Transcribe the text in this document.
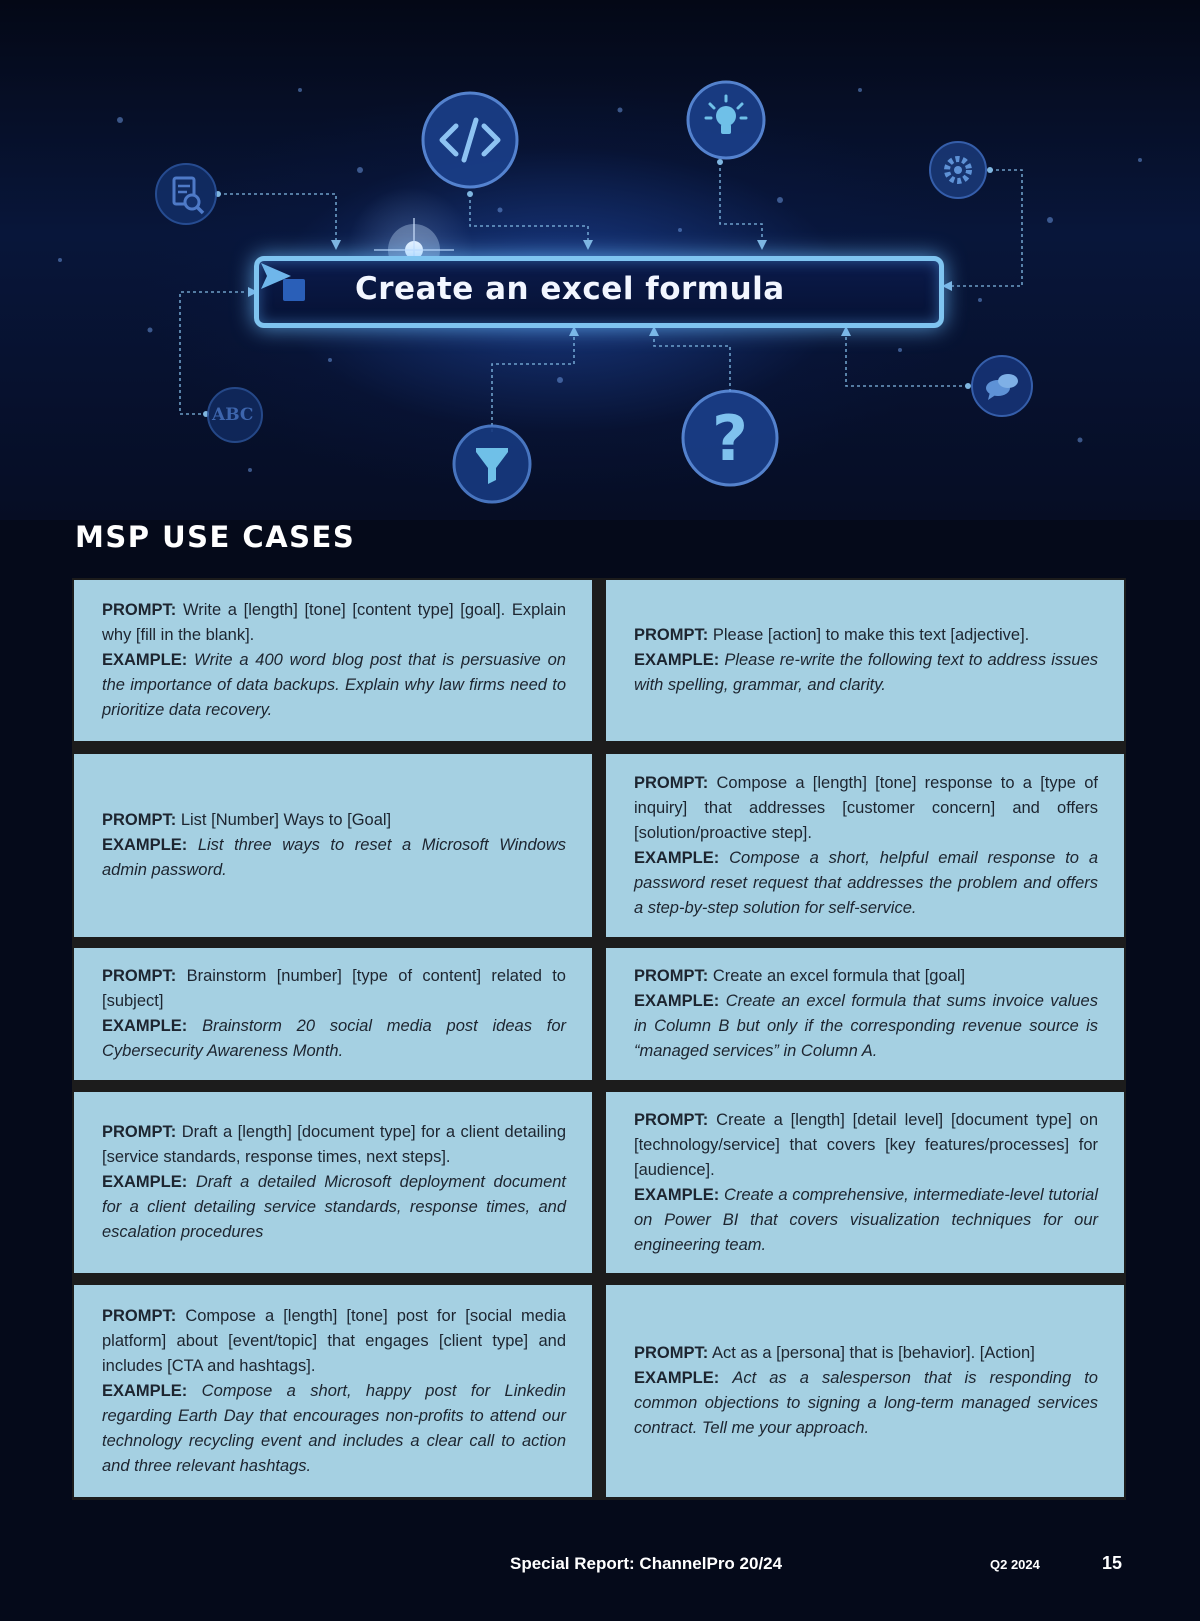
ABC	?
Create an excel formula
MSP USE CASES

PROMPT: Write a [length] [tone] [content type] [goal]. Explain why [fill in the blank].

EXAMPLE: Write a 400 word blog post that is persuasive on the importance of data backups. Explain why law firms need to prioritize data recovery.

PROMPT: Please [action] to make this text [adjective].

EXAMPLE: Please re-write the following text to address issues with spelling, grammar, and clarity.

PROMPT: List [Number] Ways to [Goal]

EXAMPLE: List three ways to reset a Microsoft Windows admin password.

PROMPT: Compose a [length] [tone] response to a [type of inquiry] that addresses [customer concern] and offers [solution/proactive step].

EXAMPLE: Compose a short, helpful email response to a password reset request that addresses the problem and offers a step-by-step solution for self-service.

PROMPT: Brainstorm [number] [type of content] related to [subject]

EXAMPLE: Brainstorm 20 social media post ideas for Cybersecurity Awareness Month.

PROMPT: Create an excel formula that [goal]

EXAMPLE: Create an excel formula that sums invoice values in Column B but only if the corresponding revenue source is “managed services” in Column A.

PROMPT: Draft a [length] [document type] for a client detailing [service standards, response times, next steps].

EXAMPLE: Draft a detailed Microsoft deployment document for a client detailing service standards, response times, and escalation procedures

PROMPT: Create a [length] [detail level] [document type] on [technology/service] that covers [key features/processes] for [audience].

EXAMPLE: Create a comprehensive, intermediate-level tutorial on Power BI that covers visualization techniques for our engineering team.

PROMPT: Compose a [length] [tone] post for [social media platform] about [event/topic] that engages [client type] and includes [CTA and hashtags].

EXAMPLE: Compose a short, happy post for Linkedin regarding Earth Day that encourages non-profits to attend our technology recycling event and includes a clear call to action and three relevant hashtags.

PROMPT: Act as a [persona] that is [behavior]. [Action]

EXAMPLE: Act as a salesperson that is responding to common objections to signing a long-term managed services contract. Tell me your approach.

Special Report: ChannelPro 20/24	Q2 2024	15
